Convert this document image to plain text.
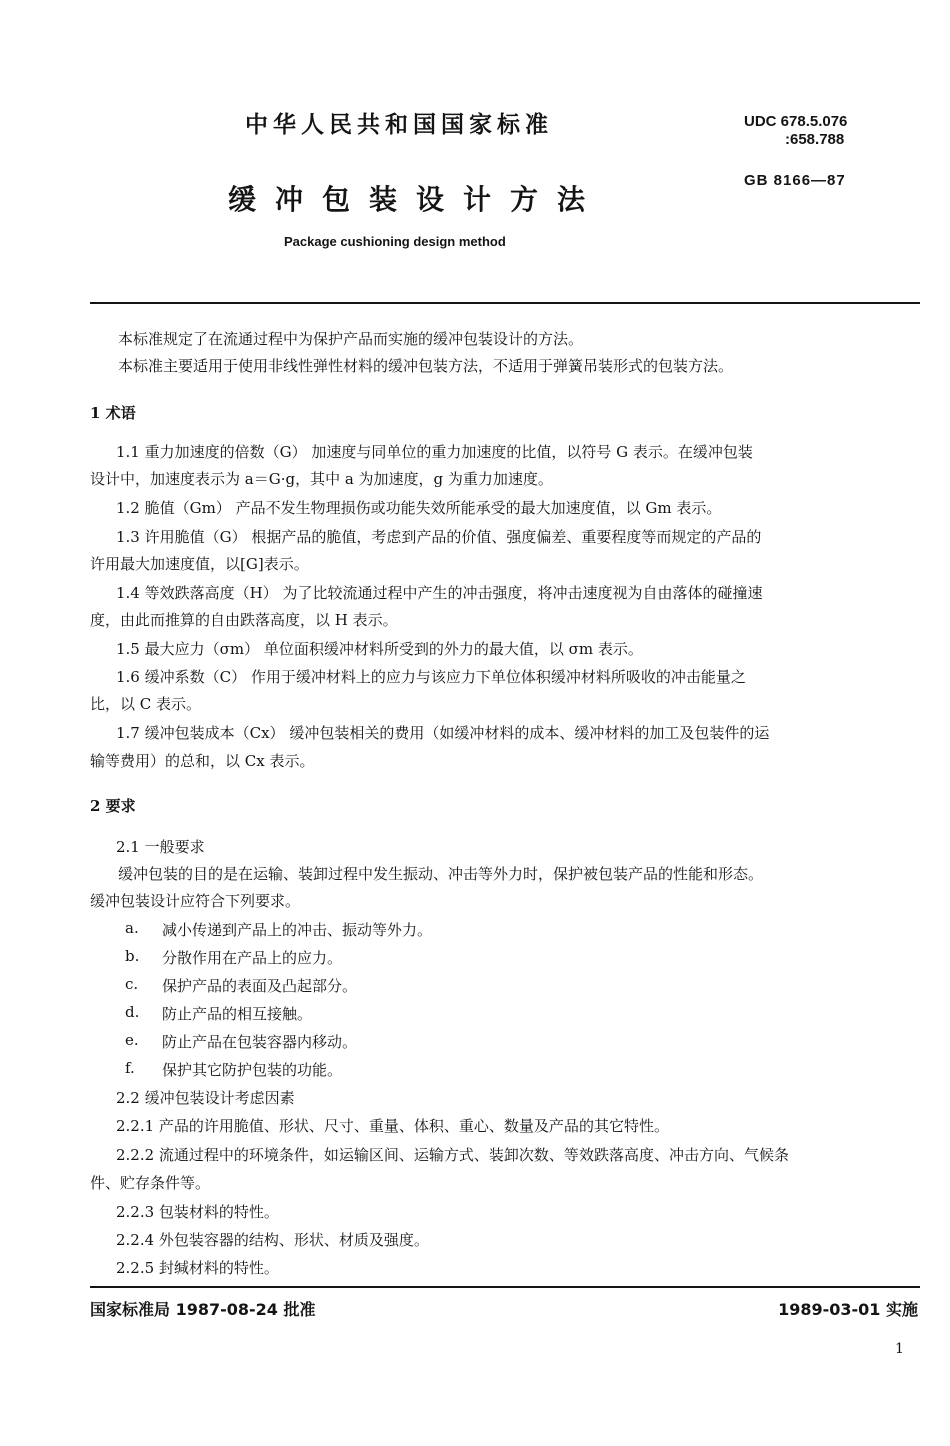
中华人民共和国国家标准	UDC 678.5.076
:658.788
GB 8166—87
缓冲包装设计方法
Package cushioning design method
本标准规定了在流通过程中为保护产品而实施的缓冲包装设计的方法。
本标准主要适用于使用非线性弹性材料的缓冲包装方法，不适用于弹簧吊装形式的包装方法。
1 术语
1.1 重力加速度的倍数（G） 加速度与同单位的重力加速度的比值，以符号 G 表示。在缓冲包装
设计中，加速度表示为 a＝G·g，其中 a 为加速度，g 为重力加速度。
1.2 脆值（Gm） 产品不发生物理损伤或功能失效所能承受的最大加速度值，以 Gm 表示。
1.3 许用脆值（G） 根据产品的脆值，考虑到产品的价值、强度偏差、重要程度等而规定的产品的
许用最大加速度值，以[G]表示。
1.4 等效跌落高度（H） 为了比较流通过程中产生的冲击强度，将冲击速度视为自由落体的碰撞速
度，由此而推算的自由跌落高度，以 H 表示。
1.5 最大应力（σm） 单位面积缓冲材料所受到的外力的最大值，以 σm 表示。
1.6 缓冲系数（C） 作用于缓冲材料上的应力与该应力下单位体积缓冲材料所吸收的冲击能量之
比，以 C 表示。
1.7 缓冲包装成本（Cx） 缓冲包装相关的费用（如缓冲材料的成本、缓冲材料的加工及包装件的运
输等费用）的总和，以 Cx 表示。
2 要求
2.1 一般要求
缓冲包装的目的是在运输、装卸过程中发生振动、冲击等外力时，保护被包装产品的性能和形态。
缓冲包装设计应符合下列要求。
a. 减小传递到产品上的冲击、振动等外力。
b. 分散作用在产品上的应力。
c. 保护产品的表面及凸起部分。
d. 防止产品的相互接触。
e. 防止产品在包装容器内移动。
f. 保护其它防护包装的功能。
2.2 缓冲包装设计考虑因素
2.2.1 产品的许用脆值、形状、尺寸、重量、体积、重心、数量及产品的其它特性。
2.2.2 流通过程中的环境条件，如运输区间、运输方式、装卸次数、等效跌落高度、冲击方向、气候条
件、贮存条件等。
2.2.3 包装材料的特性。
2.2.4 外包装容器的结构、形状、材质及强度。
2.2.5 封缄材料的特性。
国家标准局 1987-08-24 批准	1989-03-01 实施
1
